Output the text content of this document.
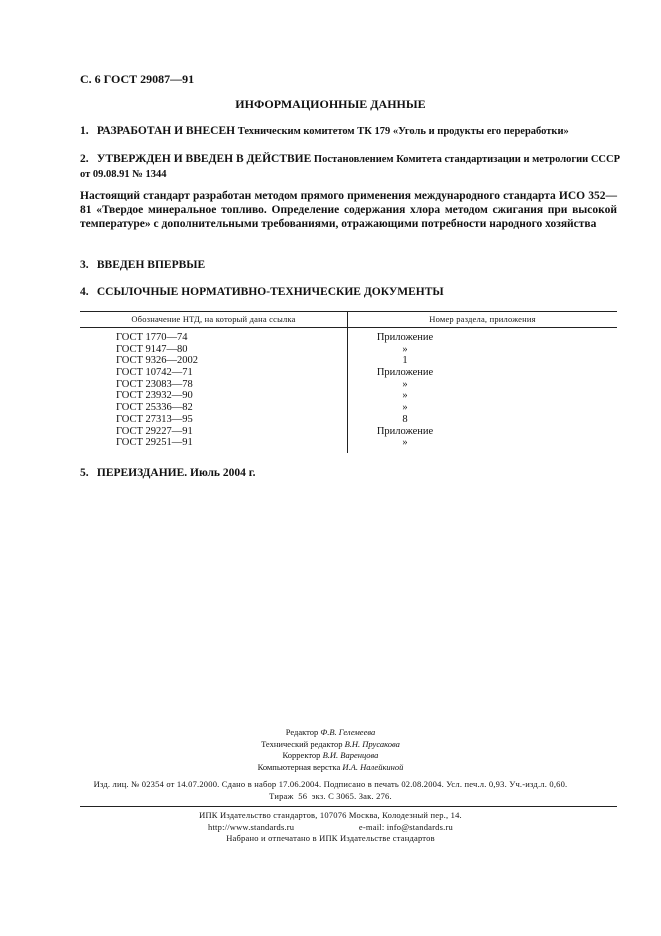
С. 6 ГОСТ 29087—91
ИНФОРМАЦИОННЫЕ ДАННЫЕ
1. РАЗРАБОТАН И ВНЕСЕН Техническим комитетом ТК 179 «Уголь и продукты его переработки»
2. УТВЕРЖДЕН И ВВЕДЕН В ДЕЙСТВИЕ Постановлением Комитета стандартизации и метрологии СССР от 09.08.91 № 1344
Настоящий стандарт разработан методом прямого применения международного стандарта ИСО 352—81 «Твердое минеральное топливо. Определение содержания хлора методом сжигания при высокой температуре» с дополнительными требованиями, отражающими потребности народного хозяйства
3. ВВЕДЕН ВПЕРВЫЕ
4. ССЫЛОЧНЫЕ НОРМАТИВНО-ТЕХНИЧЕСКИЕ ДОКУМЕНТЫ
Обозначение НТД, на который дана ссылка	Номер раздела, приложения
ГОСТ 1770—74
ГОСТ 9147—80
ГОСТ 9326—2002
ГОСТ 10742—71
ГОСТ 23083—78
ГОСТ 23932—90
ГОСТ 25336—82
ГОСТ 27313—95
ГОСТ 29227—91
ГОСТ 29251—91
Приложение
»
1
Приложение
»
»
»
8
Приложение
»
5. ПЕРЕИЗДАНИЕ. Июль 2004 г.
Редактор Ф.В. Гелемеева
Технический редактор В.Н. Прусакова
Корректор В.И. Варенцова
Компьютерная верстка И.А. Налейкиной
Изд. лиц. № 02354 от 14.07.2000. Сдано в набор 17.06.2004. Подписано в печать 02.08.2004. Усл. печ.л. 0,93. Уч.-изд.л. 0,60.
Тираж  56  экз. С 3065. Зак. 276.
ИПК Издательство стандартов, 107076 Москва, Колодезный пер., 14.
http://www.standards.ru	e-mail: info@standards.ru
Набрано и отпечатано в ИПК Издательстве стандартов
